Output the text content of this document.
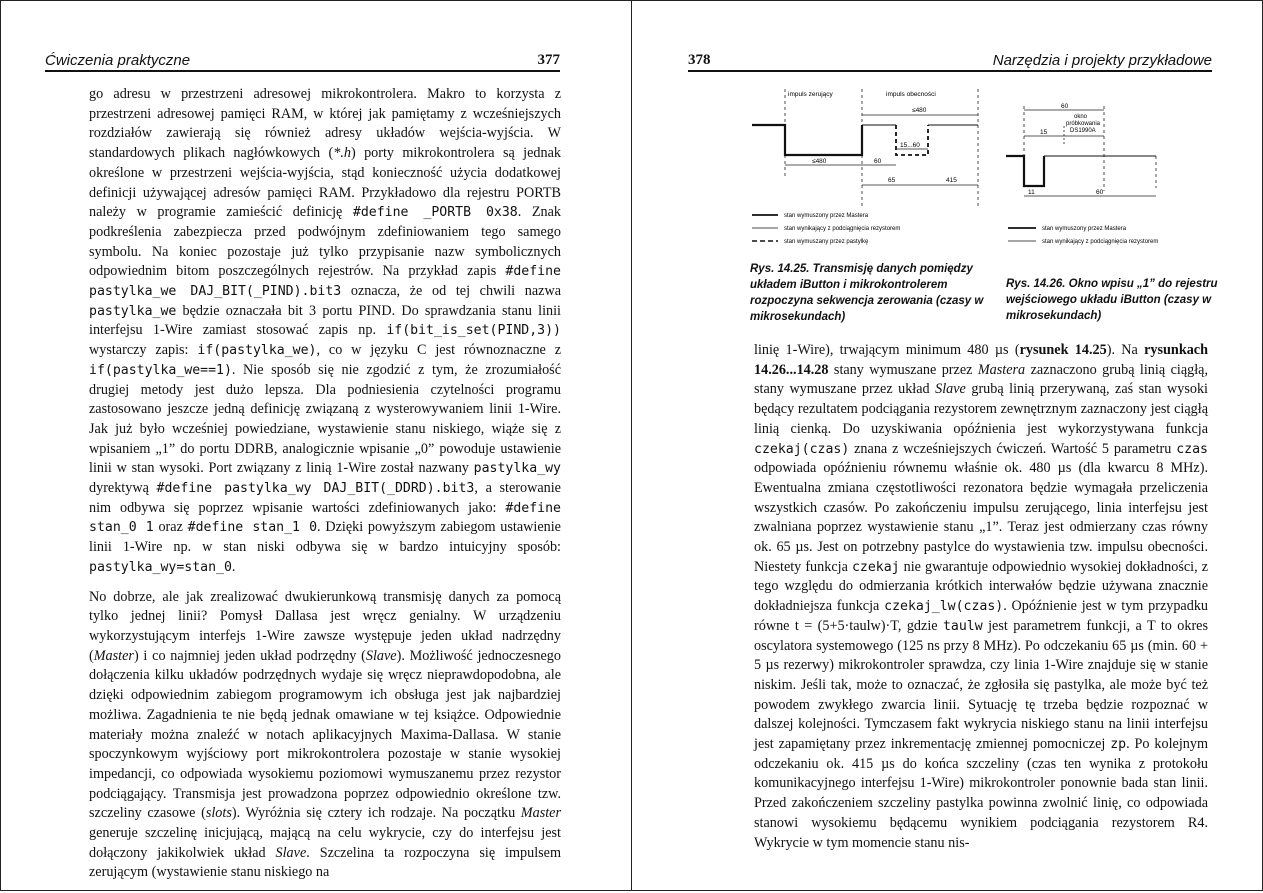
Ćwiczenia praktyczne	377

go adresu w przestrzeni adresowej mikrokontrolera. Makro to korzysta z przestrzeni adresowej pamięci RAM, w której jak pamiętamy z wcześniejszych rozdziałów zawierają się również adresy układów wejścia-wyjścia. W standardowych plikach nagłówkowych (*.h) porty mikrokontrolera są jednak określone w przestrzeni wejścia-wyjścia, stąd konieczność użycia dodatkowej definicji używającej adresów pamięci RAM. Przykładowo dla rejestru PORTB należy w programie zamieścić definicję #define _PORTB 0x38. Znak podkreślenia zabezpiecza przed podwójnym zdefiniowaniem tego samego symbolu. Na koniec pozostaje już tylko przypisanie nazw symbolicznych odpowiednim bitom poszczególnych rejestrów. Na przykład zapis #define pastylka_we DAJ_BIT(_PIND).bit3 oznacza, że od tej chwili nazwa pastylka_we będzie oznaczała bit 3 portu PIND. Do sprawdzania stanu linii interfejsu 1-Wire zamiast stosować zapis np. if(bit_is_set(PIND,3)) wystarczy zapis: if(pastylka_we), co w języku C jest równoznaczne z if(pastylka_we==1). Nie sposób się nie zgodzić z tym, że zrozumiałość drugiej metody jest dużo lepsza. Dla podniesienia czytelności programu zastosowano jeszcze jedną definicję związaną z wysterowywaniem linii 1-Wire. Jak już było wcześniej powiedziane, wystawienie stanu niskiego, wiąże się z wpisaniem „1” do portu DDRB, analogicznie wpisanie „0” powoduje ustawienie linii w stan wysoki. Port związany z linią 1-Wire został nazwany pastylka_wy dyrektywą #define pastylka_wy DAJ_BIT(_DDRD).bit3, a sterowanie nim odbywa się poprzez wpisanie wartości zdefiniowanych jako: #define stan_0 1 oraz #define stan_1 0. Dzięki powyższym zabiegom ustawienie linii 1-Wire np. w stan niski odbywa się w bardzo intuicyjny sposób: pastylka_wy=stan_0.

No dobrze, ale jak zrealizować dwukierunkową transmisję danych za pomocą tylko jednej linii? Pomysł Dallasa jest wręcz genialny. W urządzeniu wykorzystującym interfejs 1-Wire zawsze występuje jeden układ nadrzędny (Master) i co najmniej jeden układ podrzędny (Slave). Możliwość jednoczesnego dołączenia kilku układów podrzędnych wydaje się wręcz nieprawdopodobna, ale dzięki odpowiednim zabiegom programowym ich obsługa jest jak najbardziej możliwa. Zagadnienia te nie będą jednak omawiane w tej książce. Odpowiednie materiały można znaleźć w notach aplikacyjnych Maxima-Dallasa. W stanie spoczynkowym wyjściowy port mikrokontrolera pozostaje w stanie wysokiej impedancji, co odpowiada wysokiemu poziomowi wymuszanemu przez rezystor podciągający. Transmisja jest prowadzona poprzez odpowiednio określone tzw. szczeliny czasowe (slots). Wyróżnia się cztery ich rodzaje. Na początku Master generuje szczelinę inicjującą, mającą na celu wykrycie, czy do interfejsu jest dołączony jakikolwiek układ Slave. Szczelina ta rozpoczyna się impulsem zerującym (wystawienie stanu niskiego na

378	Narzędzia i projekty przykładowe
impuls zerujący	impuls obecności
≤480
≤480	60
15...60
65	415
stan wymuszony przez Mastera
stan wynikający z podciągnięcia rezystorem
stan wymuszany przez pastylkę
Rys. 14.25. Transmisję danych pomiędzy układem iButton i mikrokontrolerem rozpoczyna sekwencja zerowania (czasy w mikrosekundach)
60
okno
próbkowania
DS1990A
15
11	60
stan wymuszony przez Mastera
stan wynikający z podciągnięcia rezystorem
Rys. 14.26. Okno wpisu „1” do rejestru wejściowego układu iButton (czasy w mikrosekundach)

linię 1-Wire), trwającym minimum 480 µs (rysunek 14.25). Na rysunkach 14.26...14.28 stany wymuszane przez Mastera zaznaczono grubą linią ciągłą, stany wymuszane przez układ Slave grubą linią przerywaną, zaś stan wysoki będący rezultatem podciągania rezystorem zewnętrznym zaznaczony jest ciągłą linią cienką. Do uzyskiwania opóźnienia jest wykorzystywana funkcja czekaj(czas) znana z wcześniejszych ćwiczeń. Wartość 5 parametru czas odpowiada opóźnieniu równemu właśnie ok. 480 µs (dla kwarcu 8 MHz). Ewentualna zmiana częstotliwości rezonatora będzie wymagała przeliczenia wszystkich czasów. Po zakończeniu impulsu zerującego, linia interfejsu jest zwalniana poprzez wystawienie stanu „1”. Teraz jest odmierzany czas równy ok. 65 µs. Jest on potrzebny pastylce do wystawienia tzw. impulsu obecności. Niestety funkcja czekaj nie gwarantuje odpowiednio wysokiej dokładności, z tego względu do odmierzania krótkich interwałów będzie używana znacznie dokładniejsza funkcja czekaj_lw(czas). Opóźnienie jest w tym przypadku równe t = (5+5·taulw)·T, gdzie taulw jest parametrem funkcji, a T to okres oscylatora systemowego (125 ns przy 8 MHz). Po odczekaniu 65 µs (min. 60 + 5 µs rezerwy) mikrokontroler sprawdza, czy linia 1-Wire znajduje się w stanie niskim. Jeśli tak, może to oznaczać, że zgłosiła się pastylka, ale może być też powodem zwykłego zwarcia linii. Sytuację tę trzeba będzie rozpoznać w dalszej kolejności. Tymczasem fakt wykrycia niskiego stanu na linii interfejsu jest zapamiętany przez inkrementację zmiennej pomocniczej zp. Po kolejnym odczekaniu ok. 415 µs do końca szczeliny (czas ten wynika z protokołu komunikacyjnego interfejsu 1-Wire) mikrokontroler ponownie bada stan linii. Przed zakończeniem szczeliny pastylka powinna zwolnić linię, co odpowiada stanowi wysokiemu będącemu wynikiem podciągania rezystorem R4. Wykrycie w tym momencie stanu nis-
